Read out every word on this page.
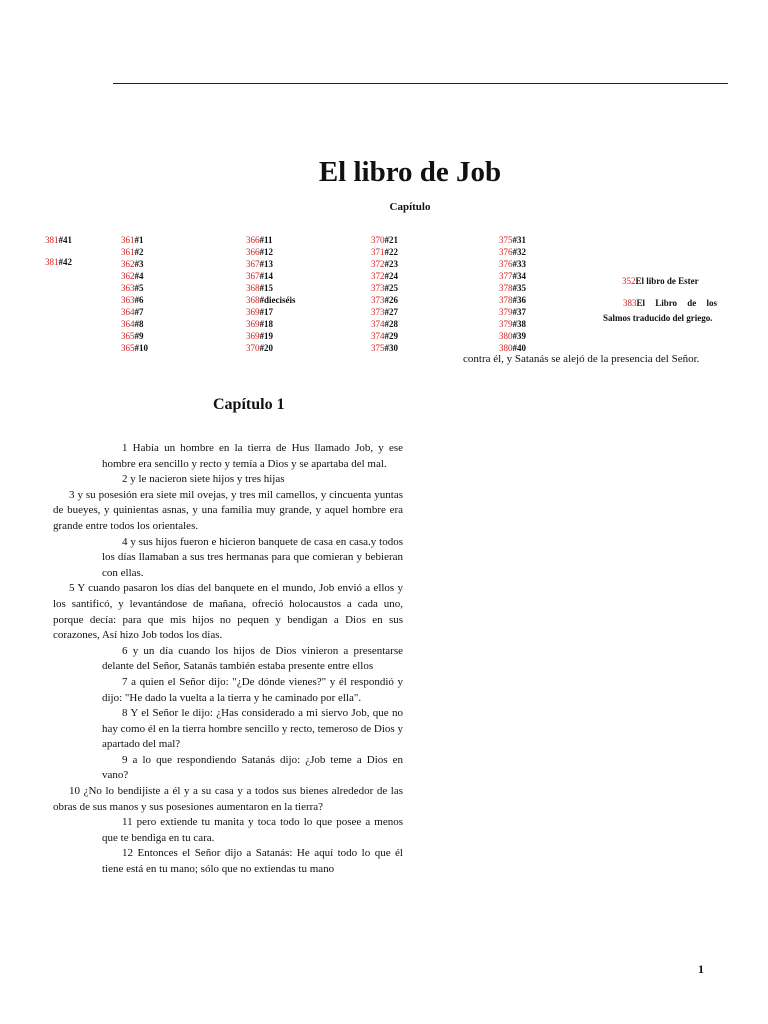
El libro de Job
Capítulo
381#41
381#42
361#1
361#2
362#3
362#4
363#5
363#6
364#7
364#8
365#9
365#10
366#11
366#12
367#13
367#14
368#15
368#dieciséis
369#17
369#18
369#19
370#20
370#21
371#22
372#23
372#24
373#25
373#26
373#27
374#28
374#29
375#30
375#31
376#32
376#33
377#34
378#35
378#36
379#37
379#38
380#39
380#40
352El libro de Ester
383El Libro de los Salmos traducido del griego.
contra él, y Satanás se alejó de la presencia del Señor.
Capítulo 1

1 Había un hombre en la tierra de Hus llamado Job, y ese hombre era sencillo y recto y temía a Dios y se apartaba del mal.

2 y le nacieron siete hijos y tres hijas

3 y su posesión era siete mil ovejas, y tres mil camellos, y cincuenta yuntas de bueyes, y quinientas asnas, y una familia muy grande, y aquel hombre era grande entre todos los orientales.

4 y sus hijos fueron e hicieron banquete de casa en casa.y todos los días llamaban a sus tres hermanas para que comieran y bebieran con ellas.

5 Y cuando pasaron los días del banquete en el mundo, Job envió a ellos y los santificó, y levantándose de mañana, ofreció holocaustos a cada uno, porque decía: para que mis hijos no pequen y bendigan a Dios en sus corazones, Así hizo Job todos los días.

6 y un día cuando los hijos de Dios vinieron a presentarse delante del Señor, Satanás también estaba presente entre ellos

7 a quien el Señor dijo: "¿De dónde vienes?" y él respondió y dijo: "He dado la vuelta a la tierra y he caminado por ella".

8 Y el Señor le dijo: ¿Has considerado a mi siervo Job, que no hay como él en la tierra hombre sencillo y recto, temeroso de Dios y apartado del mal?

9 a lo que respondiendo Satanás dijo: ¿Job teme a Dios en vano?

10 ¿No lo bendijiste a él y a su casa y a todos sus bienes alrededor de las obras de sus manos y sus posesiones aumentaron en la tierra?

11 pero extiende tu manita y toca todo lo que posee a menos que te bendiga en tu cara.

12 Entonces el Señor dijo a Satanás: He aquí todo lo que él tiene está en tu mano; sólo que no extiendas tu mano

1
